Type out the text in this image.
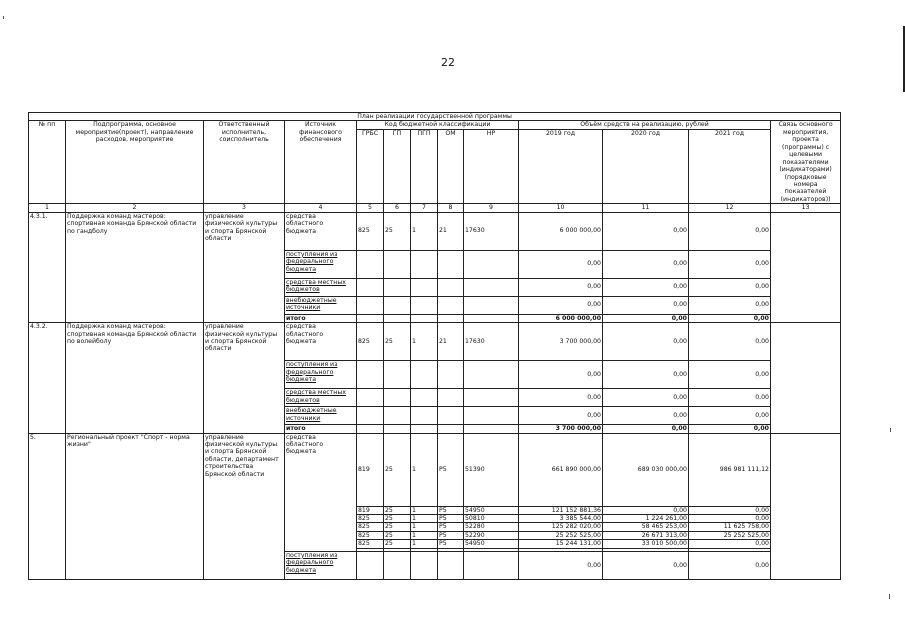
22
План реализации государственной программы												
№ пп	Подпрограмма, основное мероприятие(проект), направление расходов, мероприятие	Ответственный исполнитель, соисполнитель	Источник финансового обеспечения	Код бюджетной классификации					Объём средств на реализацию, рублей			Связь основного мероприятия, проекта (программы) с целевыми показателями (индикаторами) (порядковые номера показателей (индикаторов))
				ГРБС	ГП	ПГП	ОМ	НР	2019 год	2020 год	2021 год	

1	2	3	4	5	6	7	8	9	10	11	12	13
4.3.1.	Поддержка команд мастеров: спортивная команда Брянской области по гандболу	управление физической культуры и спорта Брянской области	средства областного бюджета	825	25	1	21	17630	6 000 000,00	0,00	0,00	
			поступления из федерального бюджета						0,00	0,00	0,00	
			средства местных бюджетов						0,00	0,00	0,00	
			внебюджетные источники						0,00	0,00	0,00	
			итого						6 000 000,00	0,00	0,00	
4.3.2.	Поддержка команд мастеров: спортивная команда Брянской области по волейболу	управление физической культуры и спорта Брянской области	средства областного бюджета	825	25	1	21	17630	3 700 000,00	0,00	0,00	
			поступления из федерального бюджета						0,00	0,00	0,00	
			средства местных бюджетов						0,00	0,00	0,00	
			внебюджетные источники						0,00	0,00	0,00	
			итого						3 700 000,00	0,00	0,00	
5.	Региональный проект "Спорт - норма жизни"	управление физической культуры и спорта Брянской области, департамент строительства Брянской области	средства областного бюджета	819	25	1	P5	51390	661 890 000,00	689 030 000,00	986 981 111,12	
				819	25	1	P5	54950	121 152 881,36	0,00	0,00	
				825	25	1	P5	50810	3 385 544,00	1 224 261,00	0,00	
				825	25	1	P5	52280	125 282 020,00	58 465 253,00	11 625 758,00	
				825	25	1	P5	52290	25 252 525,00	26 671 313,00	25 252 525,00	
				825	25	1	P5	54950	15 244 131,00	33 010 500,00	0,00	

			поступления из федерального бюджета						0,00	0,00	0,00	
